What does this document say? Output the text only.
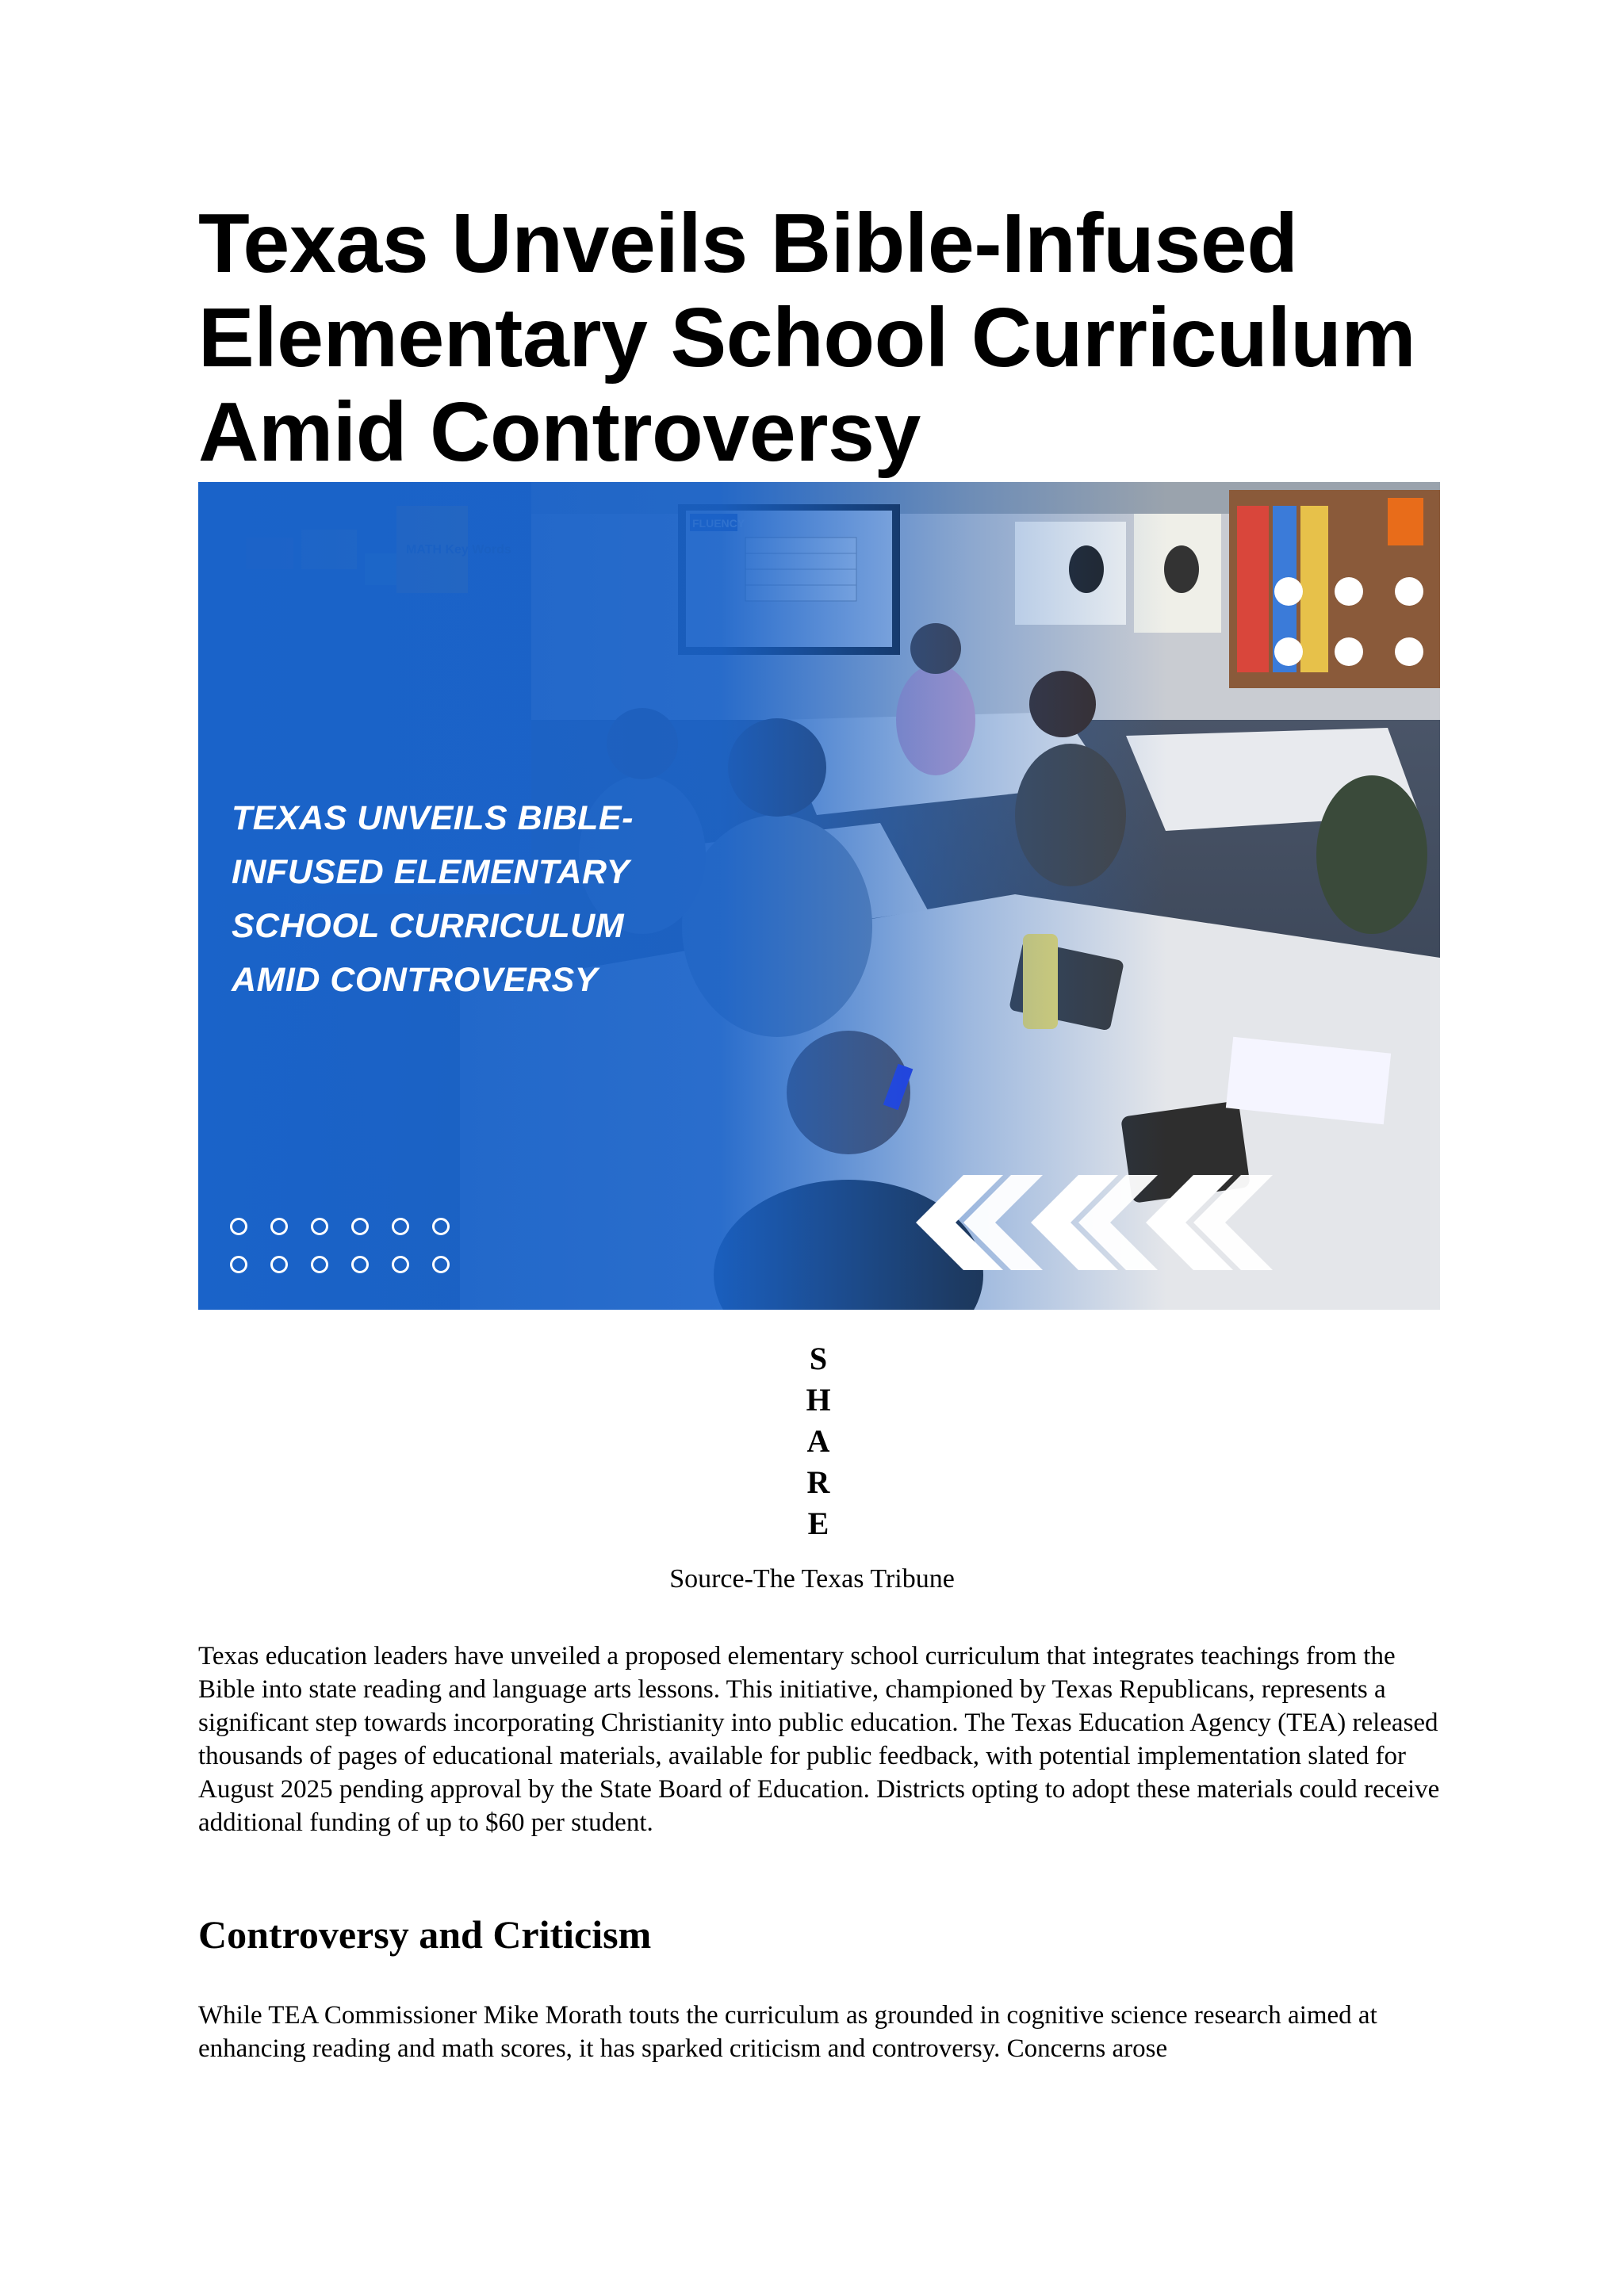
Texas Unveils Bible-Infused Elementary School Curriculum Amid Controversy
TEXAS UNVEILS BIBLE-
INFUSED ELEMENTARY
SCHOOL CURRICULUM
AMID CONTROVERSY
S
H
A
R
E
Source-The Texas Tribune

Texas education leaders have unveiled a proposed elementary school curriculum that integrates teachings from the Bible into state reading and language arts lessons. This initiative, championed by Texas Republicans, represents a significant step towards incorporating Christianity into public education. The Texas Education Agency (TEA) released thousands of pages of educational materials, available for public feedback, with potential implementation slated for August 2025 pending approval by the State Board of Education. Districts opting to adopt these materials could receive additional funding of up to $60 per student.

Controversy and Criticism

While TEA Commissioner Mike Morath touts the curriculum as grounded in cognitive science research aimed at enhancing reading and math scores, it has sparked criticism and controversy. Concerns arose
